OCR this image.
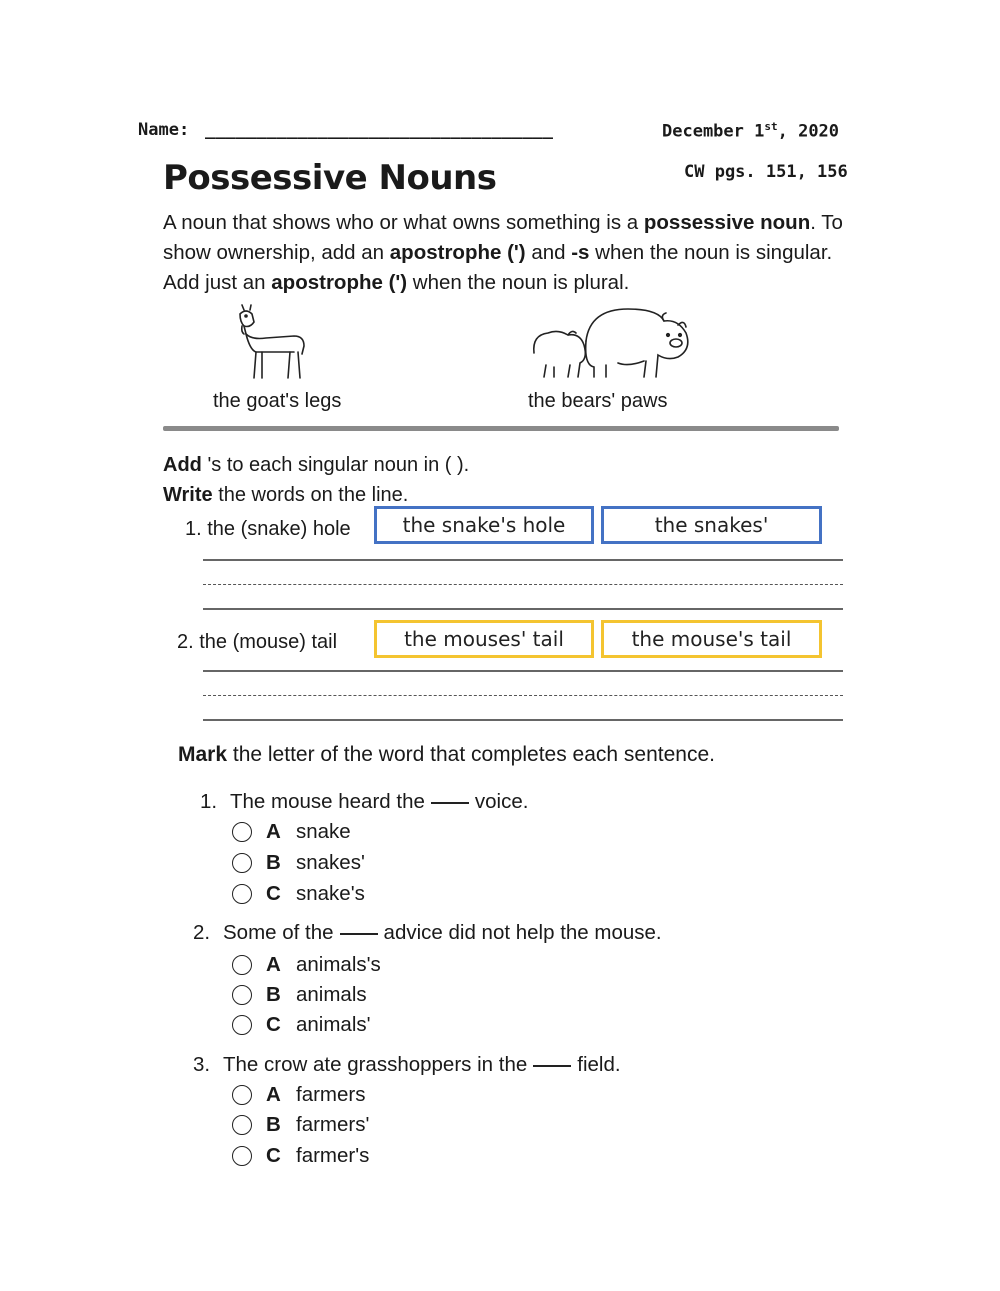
Name: __________________________________	December 1st, 2020
CW pgs. 151, 156
Possessive Nouns
A noun that shows who or what owns something is a possessive noun. To show ownership, add an apostrophe (') and -s when the noun is singular. Add just an apostrophe (') when the noun is plural.
the goat's legs	the bears' paws
Add 's to each singular noun in ( ).
Write the words on the line.
1. the (snake) hole	the snake's hole	the snakes'
2. the (mouse) tail	the mouses' tail	the mouse's tail
Mark the letter of the word that completes each sentence.
1. The mouse heard the voice.
A snake
B snakes'
C snake's
2. Some of the advice did not help the mouse.
A animals's
B animals
C animals'
3. The crow ate grasshoppers in the field.
A farmers
B farmers'
C farmer's
